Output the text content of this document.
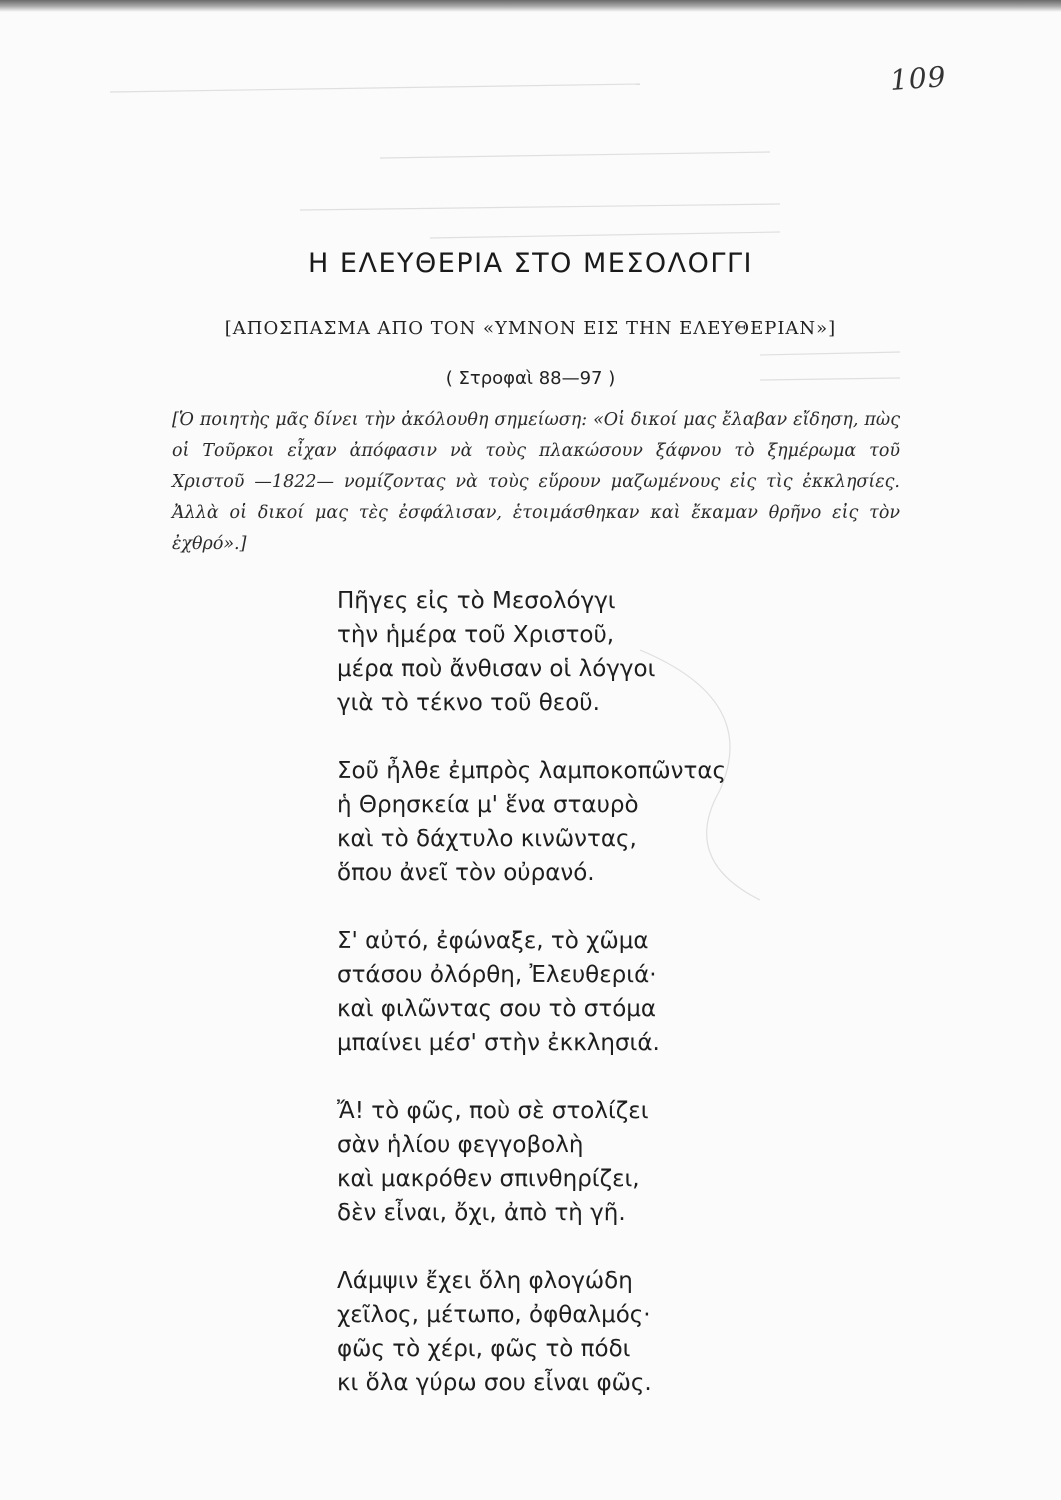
109
Η ΕΛΕΥΘΕΡΙΑ ΣΤΟ ΜΕΣΟΛΟΓΓΙ
[ΑΠΟΣΠΑΣΜΑ ΑΠΟ ΤΟΝ «ΥΜΝΟΝ ΕΙΣ ΤΗΝ ΕΛΕΥΘΕΡΙΑΝ»]
( Στροφαὶ 88—97 )
[Ὁ ποιητὴς μᾶς δίνει τὴν ἀκόλουθη σημείωση: «Οἱ δικοί μας ἔλαβαν εἴδηση, πὼς οἱ Τοῦρκοι εἶχαν ἀπόφασιν νὰ τοὺς πλακώσουν ξάφνου τὸ ξημέρωμα τοῦ Χριστοῦ —1822— νομίζοντας νὰ τοὺς εὕρουν μαζωμένους εἰς τὶς ἐκκλησίες. Ἀλλὰ οἱ δικοί μας τὲς ἐσφάλισαν, ἑτοιμάσθηκαν καὶ ἔκαμαν θρῆνο εἰς τὸν ἐχθρό».]
Πῆγες εἰς τὸ Μεσολόγγι
τὴν ἡμέρα τοῦ Χριστοῦ,
μέρα ποὺ ἄνθισαν οἱ λόγγοι
γιὰ τὸ τέκνο τοῦ θεοῦ.
Σοῦ ἦλθε ἐμπρὸς λαμποκοπῶντας
ἡ Θρησκεία μ' ἕνα σταυρὸ
καὶ τὸ δάχτυλο κινῶντας,
ὅπου ἀνεῖ τὸν οὐρανό.
Σ' αὐτό, ἐφώναξε, τὸ χῶμα
στάσου ὀλόρθη, Ἐλευθεριά·
καὶ φιλῶντας σου τὸ στόμα
μπαίνει μέσ' στὴν ἐκκλησιά.
Ἄ! τὸ φῶς, ποὺ σὲ στολίζει
σὰν ἡλίου φεγγοβολὴ
καὶ μακρόθεν σπινθηρίζει,
δὲν εἶναι, ὄχι, ἀπὸ τὴ γῆ.
Λάμψιν ἔχει ὅλη φλογώδη
χεῖλος, μέτωπο, ὀφθαλμός·
φῶς τὸ χέρι, φῶς τὸ πόδι
κι ὅλα γύρω σου εἶναι φῶς.
